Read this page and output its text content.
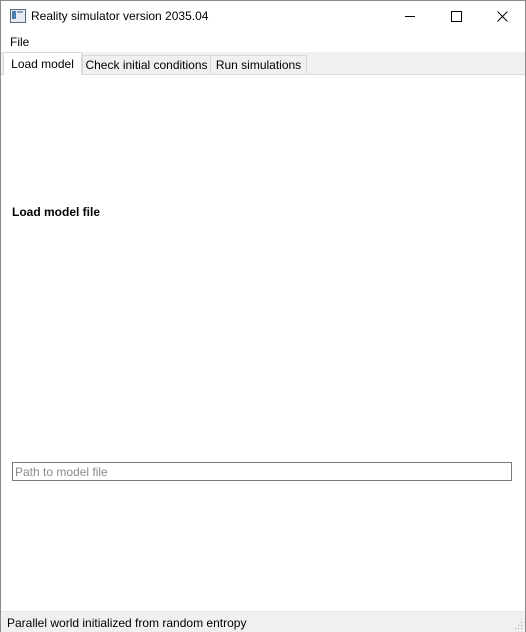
Reality simulator version 2035.04
File
Load model Check initial conditions Run simulations
Load model file
Path to model file
Parallel world initialized from random entropy
